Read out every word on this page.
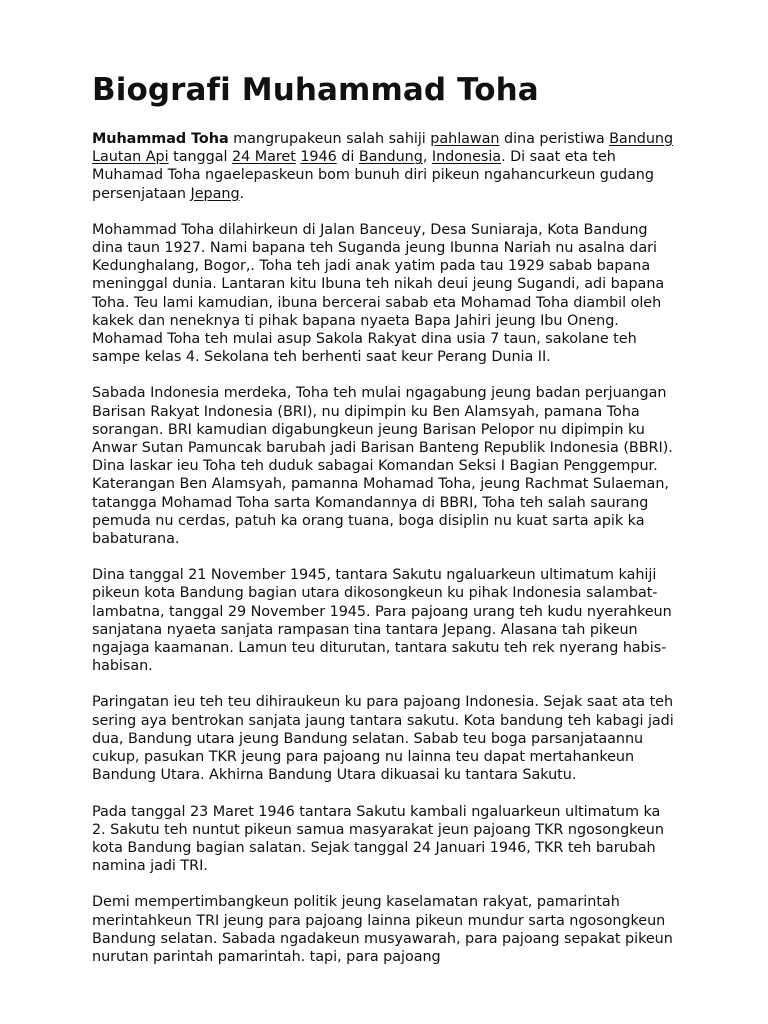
Biografi Muhammad Toha

Muhammad Toha mangrupakeun salah sahiji pahlawan dina peristiwa Bandung Lautan Api tanggal 24 Maret 1946 di Bandung, Indonesia. Di saat eta teh Muhamad Toha ngaelepaskeun bom bunuh diri pikeun ngahancurkeun gudang persenjataan Jepang.

Mohammad Toha dilahirkeun di Jalan Banceuy, Desa Suniaraja, Kota Bandung dina taun 1927. Nami bapana teh Suganda jeung Ibunna Nariah nu asalna dari Kedunghalang, Bogor,. Toha teh jadi anak yatim pada tau 1929 sabab bapana meninggal dunia. Lantaran kitu Ibuna teh nikah deui jeung Sugandi, adi bapana Toha. Teu lami kamudian, ibuna bercerai sabab eta Mohamad Toha diambil oleh kakek dan neneknya ti pihak bapana nyaeta Bapa Jahiri jeung Ibu Oneng. Mohamad Toha teh mulai asup Sakola Rakyat dina usia 7 taun, sakolane teh sampe kelas 4. Sekolana teh berhenti saat keur Perang Dunia II.

Sabada Indonesia merdeka, Toha teh mulai ngagabung jeung badan perjuangan Barisan Rakyat Indonesia (BRI), nu dipimpin ku Ben Alamsyah, pamana Toha sorangan. BRI kamudian digabungkeun jeung Barisan Pelopor nu dipimpin ku Anwar Sutan Pamuncak barubah jadi Barisan Banteng Republik Indonesia (BBRI). Dina laskar ieu Toha teh duduk sabagai Komandan Seksi I Bagian Penggempur. Katerangan Ben Alamsyah, pamanna Mohamad Toha, jeung Rachmat Sulaeman, tatangga Mohamad Toha sarta Komandannya di BBRI, Toha teh salah saurang pemuda nu cerdas, patuh ka orang tuana, boga disiplin nu kuat sarta apik ka babaturana.

Dina tanggal 21 November 1945, tantara Sakutu ngaluarkeun ultimatum kahiji pikeun kota Bandung bagian utara dikosongkeun ku pihak Indonesia salambat-lambatna, tanggal 29 November 1945. Para pajoang urang teh kudu nyerahkeun sanjatana nyaeta sanjata rampasan tina tantara Jepang. Alasana tah pikeun ngajaga kaamanan. Lamun teu diturutan, tantara sakutu teh rek nyerang habis-habisan.

Paringatan ieu teh teu dihiraukeun ku para pajoang Indonesia. Sejak saat ata teh sering aya bentrokan sanjata jaung tantara sakutu. Kota bandung teh kabagi jadi dua, Bandung utara jeung Bandung selatan. Sabab teu boga parsanjataannu cukup, pasukan TKR jeung para pajoang nu lainna teu dapat mertahankeun Bandung Utara. Akhirna Bandung Utara dikuasai ku tantara Sakutu.

Pada tanggal 23 Maret 1946 tantara Sakutu kambali ngaluarkeun ultimatum ka 2. Sakutu teh nuntut pikeun samua masyarakat jeun pajoang TKR ngosongkeun kota Bandung bagian salatan. Sejak tanggal 24 Januari 1946, TKR teh barubah namina jadi TRI.

Demi mempertimbangkeun politik jeung kaselamatan rakyat, pamarintah merintahkeun TRI jeung para pajoang lainna pikeun mundur sarta ngosongkeun Bandung selatan. Sabada ngadakeun musyawarah, para pajoang sepakat pikeun nurutan parintah pamarintah. tapi, para pajoang
